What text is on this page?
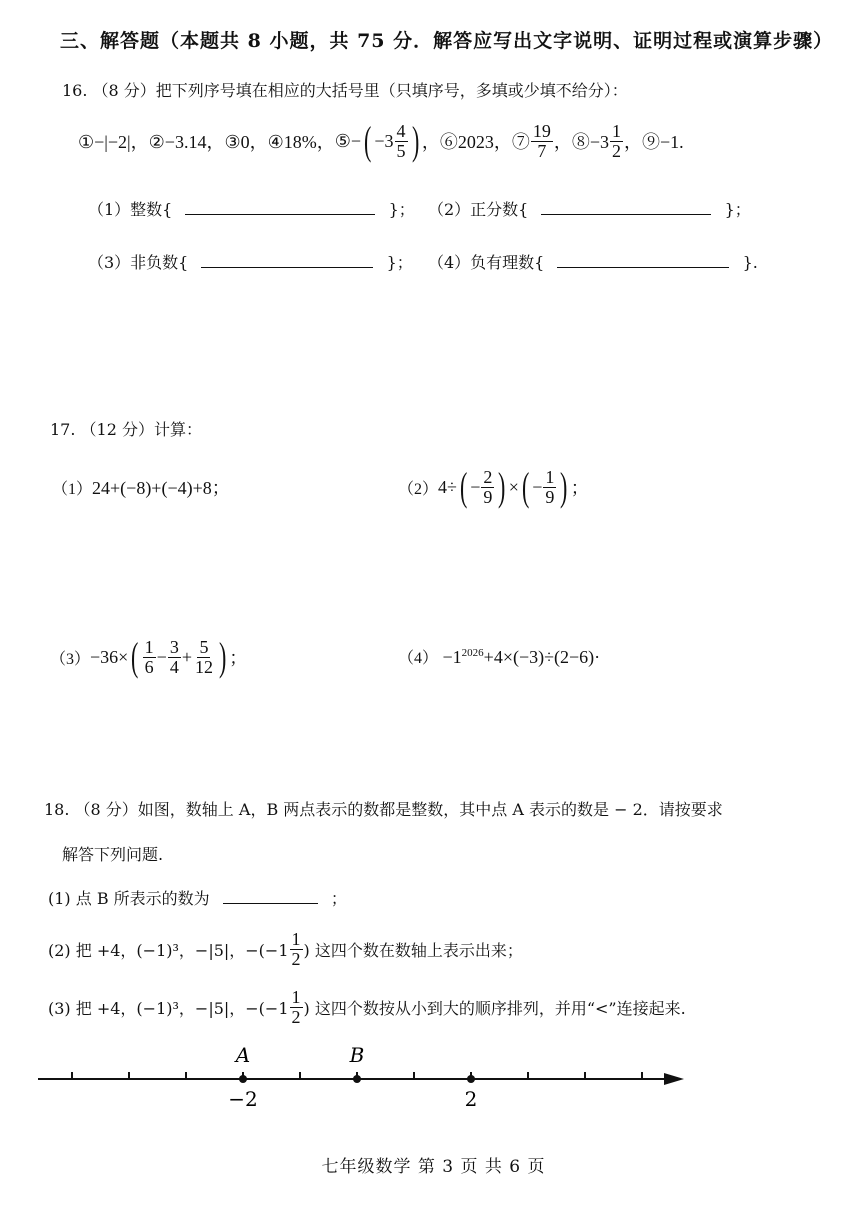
三、解答题（本题共 8 小题，共 75 分．解答应写出文字说明、证明过程或演算步骤）
16. （8 分）把下列序号填在相应的大括号里（只填序号，多填或少填不给分）：
①−|−2|， ②−3.14， ③0， ④18%， ⑤− ( $-3 \frac{4}{5}$ ) ，⑥2023，⑦ $\frac{19}{7}$ ，⑧−3 $\frac{1}{2}$ ，⑨−1.
（1）整数{	}； （2）正分数{	}；
（3）非负数{	}； （4）负有理数{	}.
17. （12 分）计算：
（1） 24+(−8)+(−4)+8；	（2） 4÷ ( − $\frac{2}{9}$ ) × ( − $\frac{1}{9}$ ) ；
（3） −36× ( $\frac{1}{6} - \frac{3}{4} + \frac{5}{12}$ ) ；	$(4) -1^{2026}+4\times(-3)\div(2-6)\cdot$
18. （8 分）如图，数轴上 A，B 两点表示的数都是整数，其中点 A 表示的数是 − 2．请按要求
解答下列问题.
(1) 点 B 所表示的数为	；
(2) 把 +4，(−1)³，−|5|，$-(-1 \frac{1}{2}$ ) 这四个数在数轴上表示出来；
(3) 把 +4，(−1)³，−|5|，$-(-1 \frac{1}{2}$ ) 这四个数按从小到大的顺序排列，并用“<”连接起来.
A	B
−2	2
七年级数学 第 3 页 共 6 页
